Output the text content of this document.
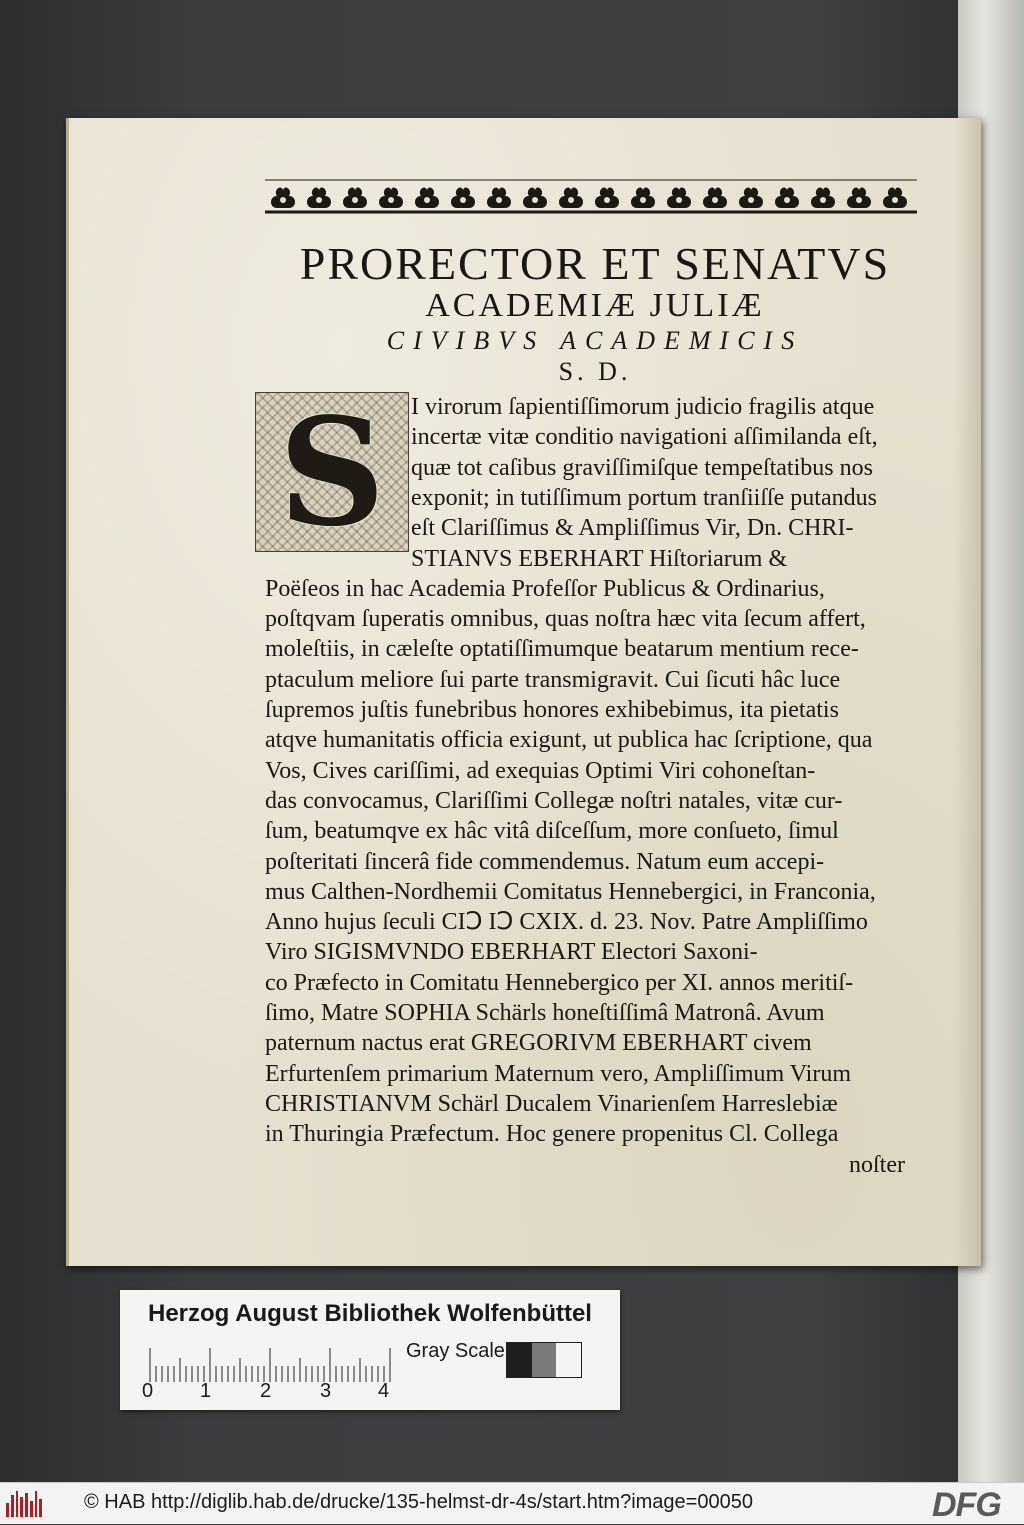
PRORECTOR ET SENATVS
ACADEMIÆ JULIÆ
CIVIBVS ACADEMICIS
S. D.
S I virorum ſapientiſſimorum judicio fragilis atque
incertæ vitæ conditio navigationi aſſimilanda eſt,
quæ tot caſibus graviſſimiſque tempeſtatibus nos
exponit; in tutiſſimum portum tranſiiſſe putandus
eſt Clariſſimus & Ampliſſimus Vir, Dn. CHRI-
STIANVS EBERHART Hiſtoriarum &
Poëſeos in hac Academia Profeſſor Publicus & Ordinarius,
poſtqvam ſuperatis omnibus, quas noſtra hæc vita ſecum affert,
moleſtiis, in cæleſte optatiſſimumque beatarum mentium rece-
ptaculum meliore ſui parte transmigravit. Cui ſicuti hâc luce
ſupremos juſtis funebribus honores exhibebimus, ita pietatis
atqve humanitatis officia exigunt, ut publica hac ſcriptione, qua
Vos, Cives cariſſimi, ad exequias Optimi Viri cohoneſtan-
das convocamus, Clariſſimi Collegæ noſtri natales, vitæ cur-
ſum, beatumqve ex hâc vitâ diſceſſum, more conſueto, ſimul
poſteritati ſincerâ fide commendemus. Natum eum accepi-
mus Calthen-Nordhemii Comitatus Hennebergici, in Franconia,
Anno hujus ſeculi CIↃ IↃ CXIX. d. 23. Nov. Patre Ampliſſimo
Viro SIGISMVNDO EBERHART Electori Saxoni-
co Præfecto in Comitatu Hennebergico per XI. annos meritiſ-
ſimo, Matre SOPHIA Schärls honeſtiſſimâ Matronâ. Avum
paternum nactus erat GREGORIVM EBERHART civem
Erfurtenſem primarium Maternum vero, Ampliſſimum Virum
CHRISTIANVM Schärl Ducalem Vinarienſem Harreslebiæ
in Thuringia Præfectum. Hoc genere propenitus Cl. Collega
noſter
Herzog August Bibliothek Wolfenbüttel
0 1 2 3 4
Gray Scale
© HAB http://diglib.hab.de/drucke/135-helmst-dr-4s/start.htm?image=00050	DFG
